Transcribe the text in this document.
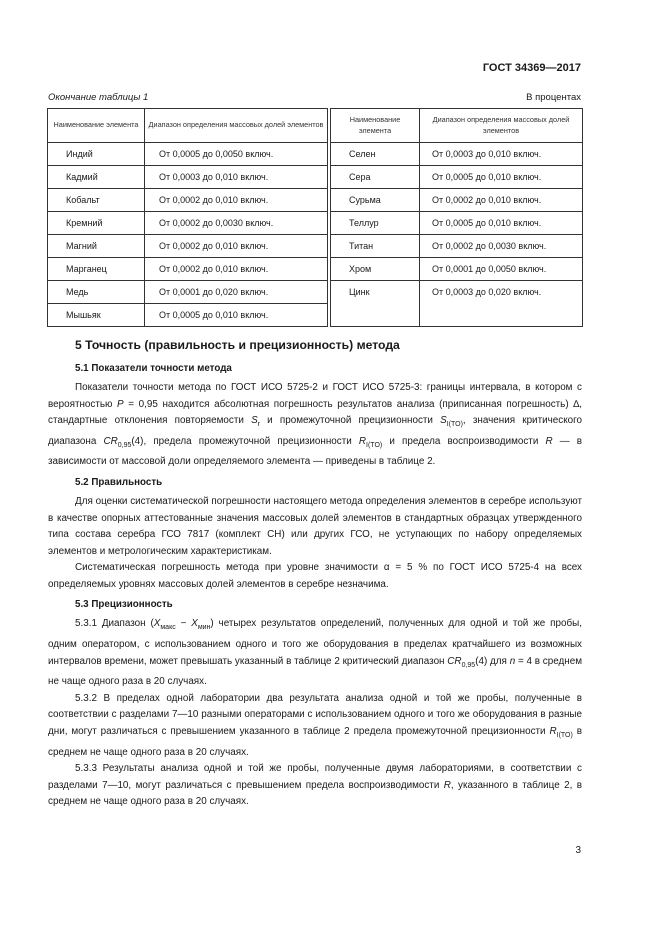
ГОСТ 34369—2017
Окончание таблицы 1	В процентах
Наименование элемента	Диапазон определения массовых долей элементов		Наименование элемента	Диапазон определения массовых долей элементов
Индий	От 0,0005 до 0,0050 включ.		Селен	От 0,0003 до 0,010 включ.
Кадмий	От 0,0003 до 0,010 включ.		Сера	От 0,0005 до 0,010 включ.
Кобальт	От 0,0002 до 0,010 включ.		Сурьма	От 0,0002 до 0,010 включ.
Кремний	От 0,0002 до 0,0030 включ.		Теллур	От 0,0005 до 0,010 включ.
Магний	От 0,0002 до 0,010 включ.		Титан	От 0,0002 до 0,0030 включ.
Марганец	От 0,0002 до 0,010 включ.		Хром	От 0,0001 до 0,0050 включ.
Медь	От 0,0001 до 0,020 включ.		Цинк	От 0,0003 до 0,020 включ.
Мышьяк	От 0,0005 до 0,010 включ.			
5 Точность (правильность и прецизионность) метода
5.1 Показатели точности метода

Показатели точности метода по ГОСТ ИСО 5725-2 и ГОСТ ИСО 5725-3: границы интервала, в котором с вероятностью P = 0,95 находится абсолютная погрешность результатов анализа (приписанная погрешность) ∆, стандартные отклонения повторяемости $S_r$ и промежуточной прецизионности $S_{I(TO)}$, значения критического диапазона $CR_{0,95}(4)$, предела промежуточной прецизионности $R_{I(TO)}$ и предела воспроизводимости R — в зависимости от массовой доли определяемого элемента — приведены в таблице 2.

5.2 Правильность

Для оценки систематической погрешности настоящего метода определения элементов в серебре используют в качестве опорных аттестованные значения массовых долей элементов в стандартных образцах утвержденного типа состава серебра ГСО 7817 (комплект СН) или других ГСО, не уступающих по набору определяемых элементов и метрологическим характеристикам.

Систематическая погрешность метода при уровне значимости α = 5 % по ГОСТ ИСО 5725-4 на всех определяемых уровнях массовых долей элементов в серебре незначима.

5.3 Прецизионность

5.3.1 Диапазон $(X_{макс} - X_{мин})$ четырех результатов определений, полученных для одной и той же пробы, одним оператором, с использованием одного и того же оборудования в пределах кратчайшего из возможных интервалов времени, может превышать указанный в таблице 2 критический диапазон $CR_{0,95}(4)$ для n = 4 в среднем не чаще одного раза в 20 случаях.

5.3.2 В пределах одной лаборатории два результата анализа одной и той же пробы, полученные в соответствии с разделами 7—10 разными операторами с использованием одного и того же оборудования в разные дни, могут различаться с превышением указанного в таблице 2 предела промежуточной прецизионности $R_{I(TO)}$ в среднем не чаще одного раза в 20 случаях.

5.3.3 Результаты анализа одной и той же пробы, полученные двумя лабораториями, в соответствии с разделами 7—10, могут различаться с превышением предела воспроизводимости R, указанного в таблице 2, в среднем не чаще одного раза в 20 случаях.

3
